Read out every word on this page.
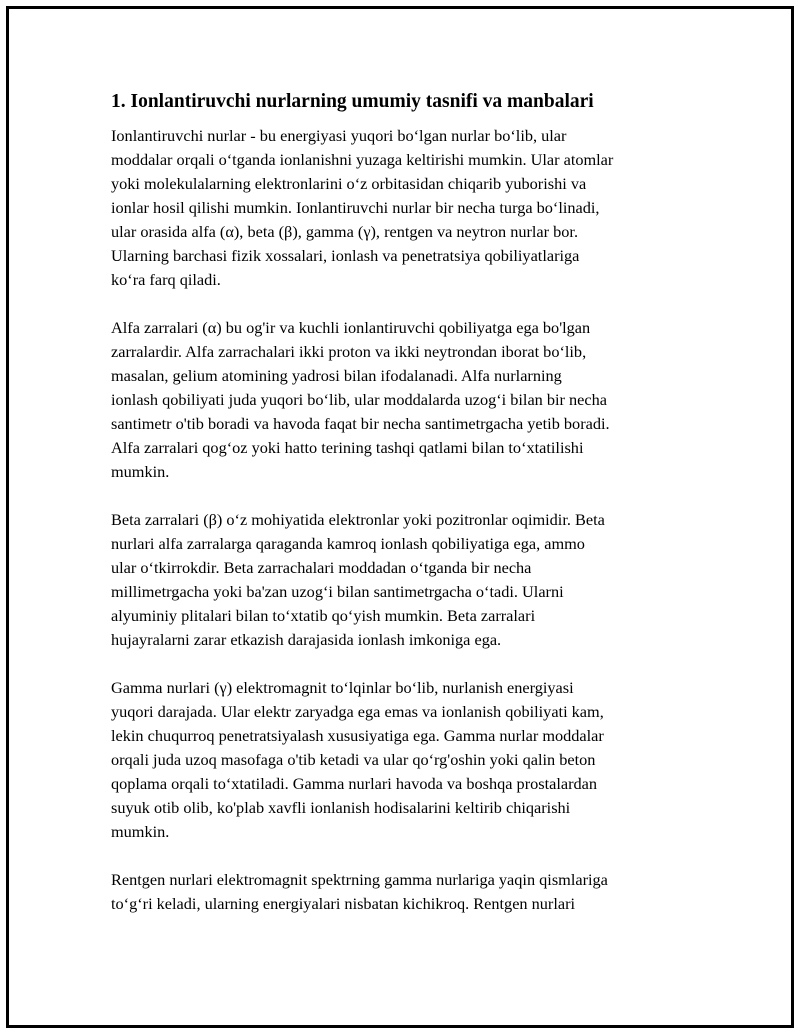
1. Ionlantiruvchi nurlarning umumiy tasnifi va manbalari

Ionlantiruvchi nurlar - bu energiyasi yuqori bo‘lgan nurlar bo‘lib, ular
moddalar orqali o‘tganda ionlanishni yuzaga keltirishi mumkin. Ular atomlar
yoki molekulalarning elektronlarini o‘z orbitasidan chiqarib yuborishi va
ionlar hosil qilishi mumkin. Ionlantiruvchi nurlar bir necha turga bo‘linadi,
ular orasida alfa (α), beta (β), gamma (γ), rentgen va neytron nurlar bor.
Ularning barchasi fizik xossalari, ionlash va penetratsiya qobiliyatlariga
ko‘ra farq qiladi.

Alfa zarralari (α) bu og'ir va kuchli ionlantiruvchi qobiliyatga ega bo'lgan
zarralardir. Alfa zarrachalari ikki proton va ikki neytrondan iborat bo‘lib,
masalan, gelium atomining yadrosi bilan ifodalanadi. Alfa nurlarning
ionlash qobiliyati juda yuqori bo‘lib, ular moddalarda uzog‘i bilan bir necha
santimetr o'tib boradi va havoda faqat bir necha santimetrgacha yetib boradi.
Alfa zarralari qog‘oz yoki hatto terining tashqi qatlami bilan to‘xtatilishi
mumkin.

Beta zarralari (β) o‘z mohiyatida elektronlar yoki pozitronlar oqimidir. Beta
nurlari alfa zarralarga qaraganda kamroq ionlash qobiliyatiga ega, ammo
ular o‘tkirrokdir. Beta zarrachalari moddadan o‘tganda bir necha
millimetrgacha yoki ba'zan uzog‘i bilan santimetrgacha o‘tadi. Ularni
alyuminiy plitalari bilan to‘xtatib qo‘yish mumkin. Beta zarralari
hujayralarni zarar etkazish darajasida ionlash imkoniga ega.

Gamma nurlari (γ) elektromagnit to‘lqinlar bo‘lib, nurlanish energiyasi
yuqori darajada. Ular elektr zaryadga ega emas va ionlanish qobiliyati kam,
lekin chuqurroq penetratsiyalash xususiyatiga ega. Gamma nurlar moddalar
orqali juda uzoq masofaga o'tib ketadi va ular qo‘rg'oshin yoki qalin beton
qoplama orqali to‘xtatiladi. Gamma nurlari havoda va boshqa prostalardan
suyuk otib olib, ko'plab xavfli ionlanish hodisalarini keltirib chiqarishi
mumkin.

Rentgen nurlari elektromagnit spektrning gamma nurlariga yaqin qismlariga
to‘g‘ri keladi, ularning energiyalari nisbatan kichikroq. Rentgen nurlari
